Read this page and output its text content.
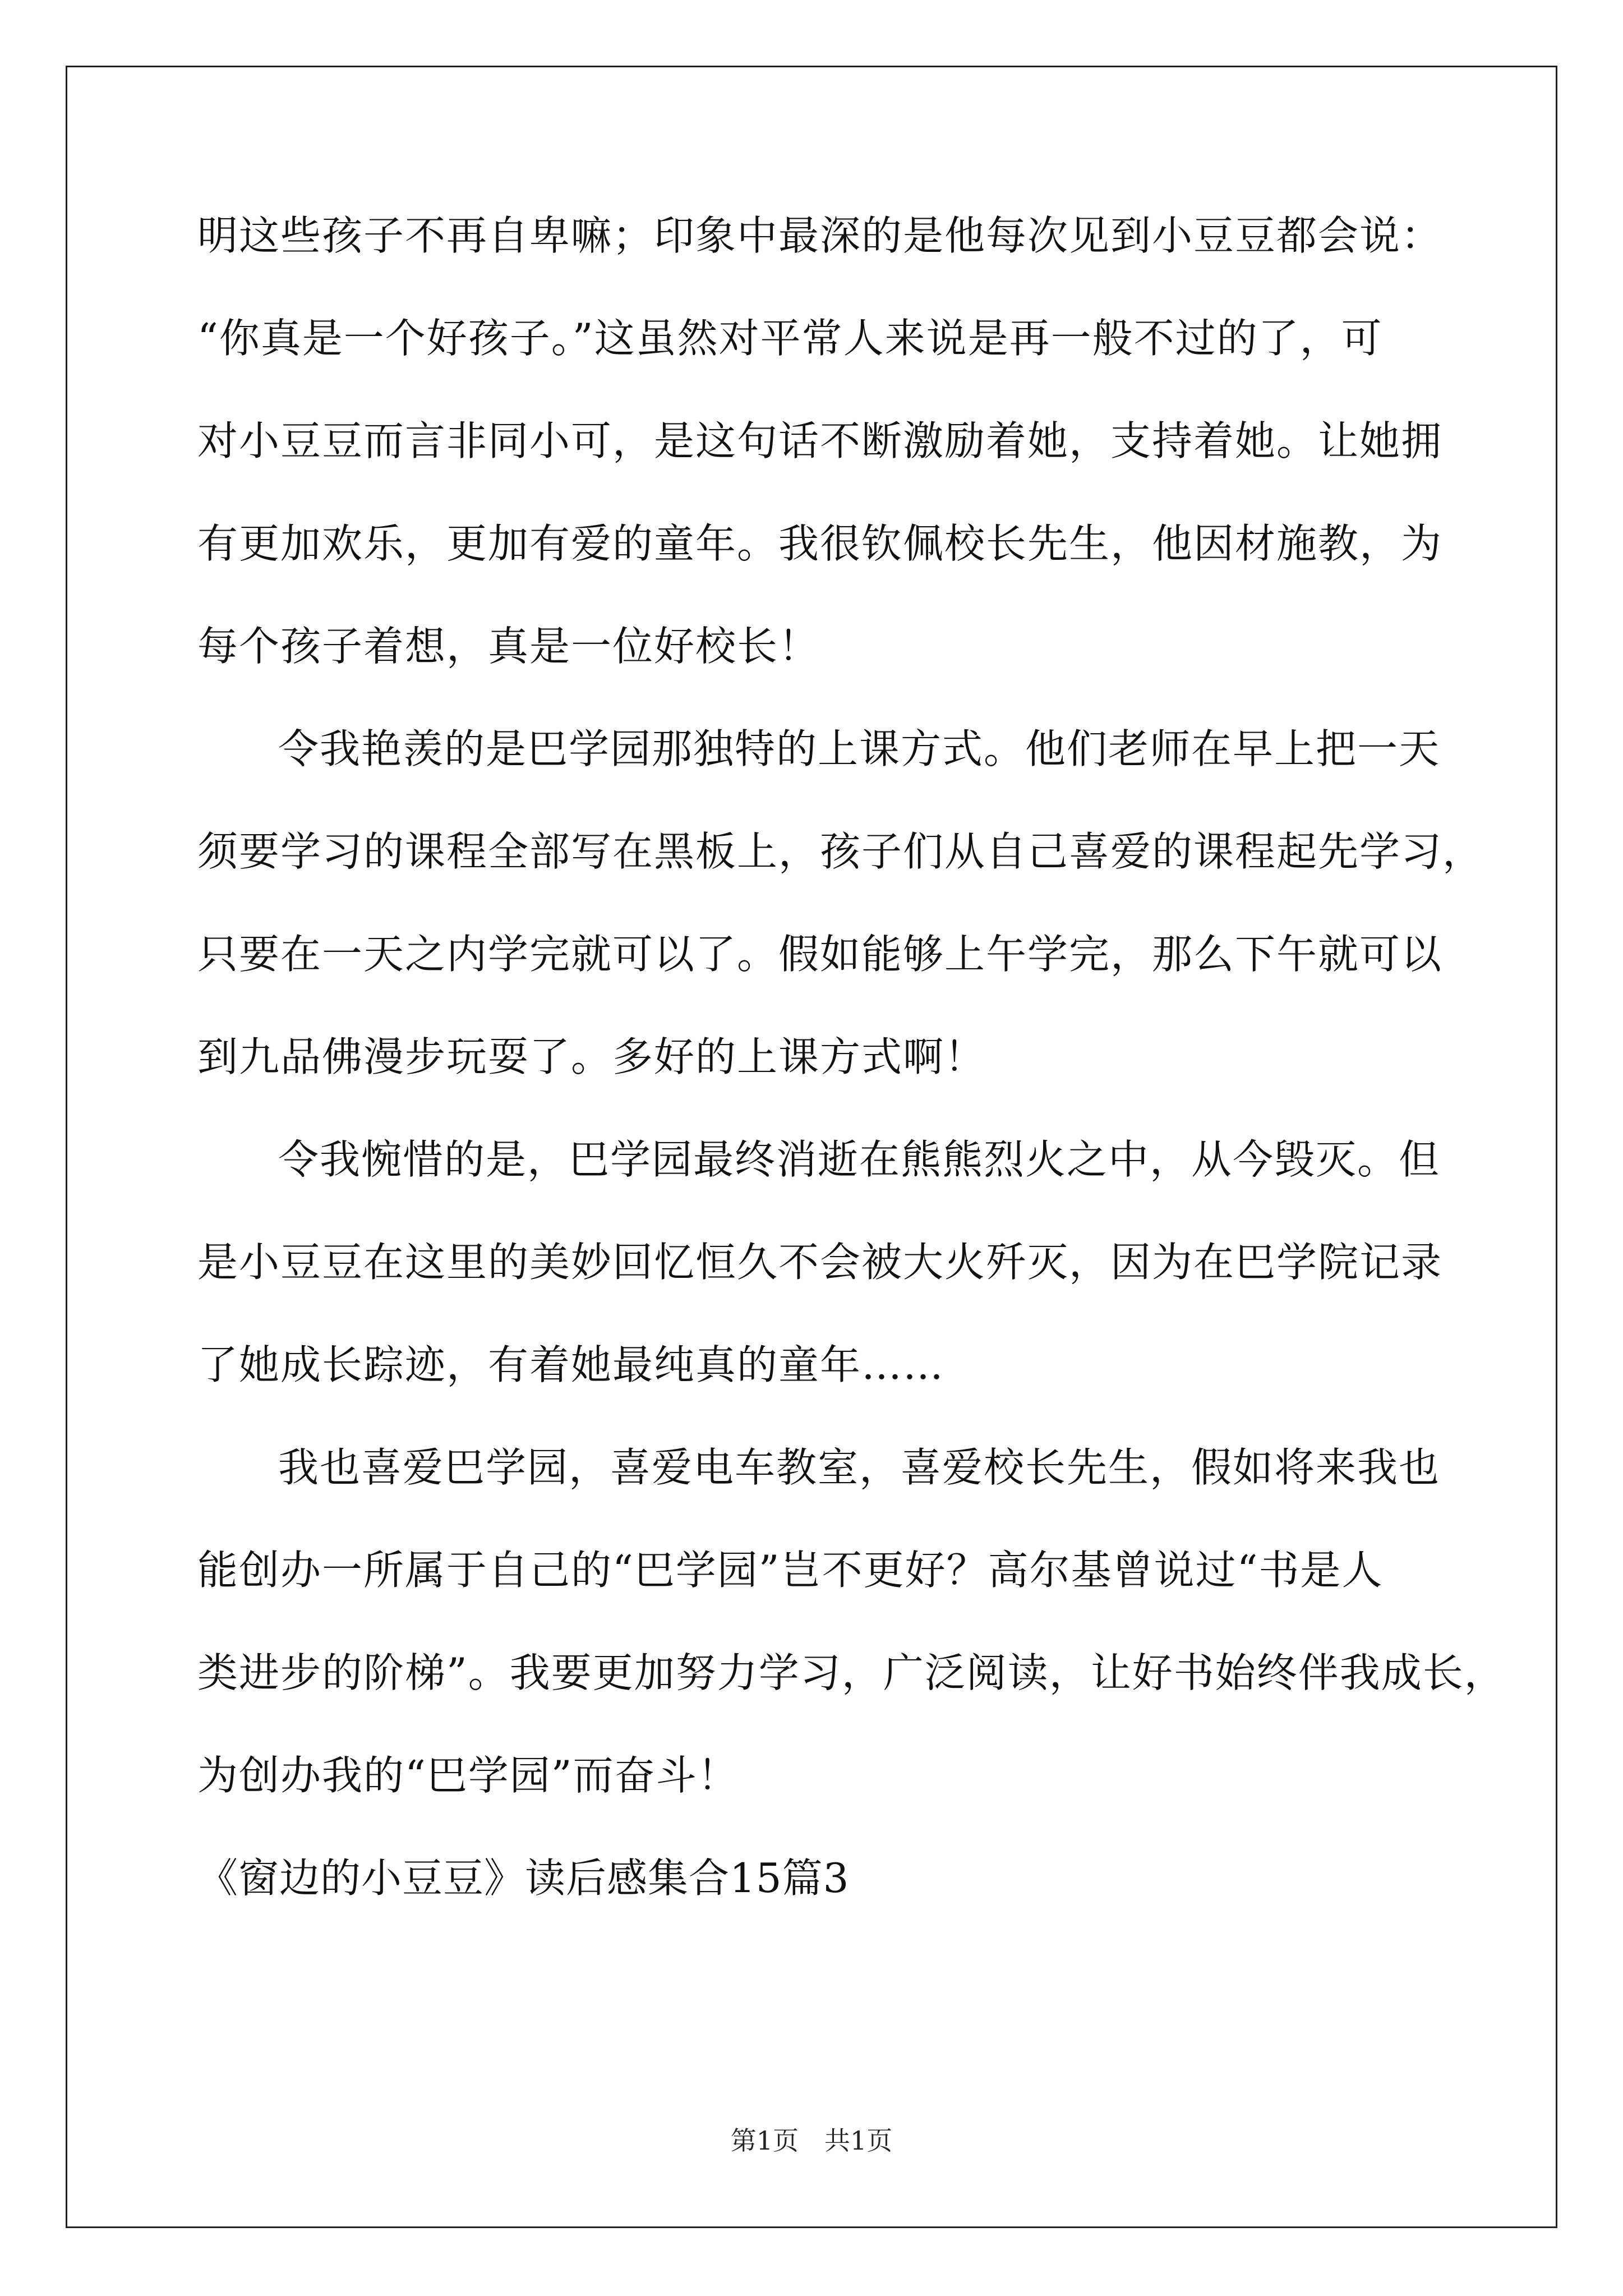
明这些孩子不再自卑嘛；印象中最深的是他每次见到小豆豆都会说：
“你真是一个好孩子。”这虽然对平常人来说是再一般不过的了，可
对小豆豆而言非同小可，是这句话不断激励着她，支持着她。让她拥
有更加欢乐，更加有爱的童年。我很钦佩校长先生，他因材施教，为
每个孩子着想，真是一位好校长！
令我艳羡的是巴学园那独特的上课方式。他们老师在早上把一天
须要学习的课程全部写在黑板上，孩子们从自己喜爱的课程起先学习，
只要在一天之内学完就可以了。假如能够上午学完，那么下午就可以
到九品佛漫步玩耍了。多好的上课方式啊！
令我惋惜的是，巴学园最终消逝在熊熊烈火之中，从今毁灭。但
是小豆豆在这里的美妙回忆恒久不会被大火歼灭，因为在巴学院记录
了她成长踪迹，有着她最纯真的童年……
我也喜爱巴学园，喜爱电车教室，喜爱校长先生，假如将来我也
能创办一所属于自己的“巴学园”岂不更好？高尔基曾说过“书是人
类进步的阶梯”。我要更加努力学习，广泛阅读，让好书始终伴我成长，
为创办我的“巴学园”而奋斗！
《窗边的小豆豆》读后感集合15篇3
第1页　共1页
